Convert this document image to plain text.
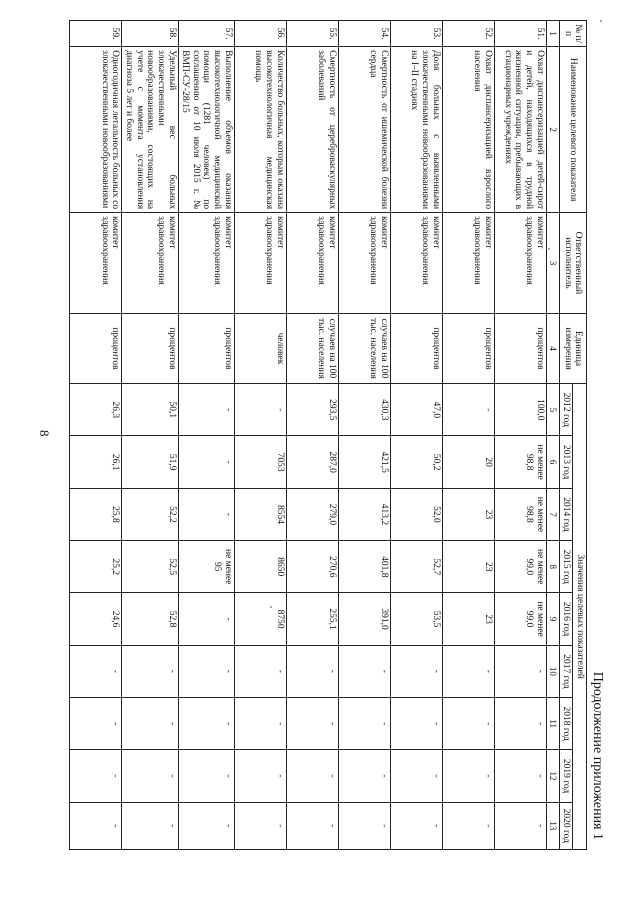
8
Продолжение приложения 1
№ п/п	Наименование целевого показателя	Ответственный исполнитель	Единица измерения	Значения целевых показателей								
				2012 год	2013 год	2014 год	2015 год	2016 год	2017 год	2018 год	2019 год	2020 год
1	2	3	4	5	6	7	8	9	10	11	12	13
51.	Охват диспансеризацией детей-сирот и детей, находящихся в трудной жизненной ситуации, пребывающих в стационарных учреждениях	комитет здравоохранения	процентов	100,0	не менее 98,8	не менее 98,8	не менее 99,0	не менее 99,0	-	-	-	-
52.	Охват диспансеризацией взрослого населения	комитет здравоохранения	процентов	-	20	23	23	23	-	-	-	-
53.	Доля больных с выявленными злокачественными новообразованиями на I–II стадиях	комитет здравоохранения	процентов	47,0	50,2	52,0	52,7	53,5	-	-	-	-
54.	Смертность от ишемической болезни сердца	комитет здравоохранения	случаев на 100 тыс. населения	430,3	421,5	413,2	401,8	391,0	-	-	-	-
55.	Смертность от цереброваскулярных заболеваний	комитет здравоохранения	случаев на 100 тыс. населения	293,5	287,0	279,0	270,6	255,1	-	-	-	-
56.	Количество больных, которым оказана высокотехнологичная медицинская помощь	комитет здравоохранения	человек	-	7053	8554	8650	8750	-	-	-	-
57.	Выполнение объемов оказания высокотехнологичной медицинской помощи (1281 человек) по соглашению от 10 июля 2015 г. № ВМП-СУ-28/15	комитет здравоохранения	процентов	-	-	-	не менее 95	-	-	-	-	-
58.	Удельный вес больных злокачественными новообразованиями, состоящих на учете с момента установления диагноза 5 лет и более	комитет здравоохранения	процентов	50,1	51,9	52,2	52,5	52,8	-	-	-	-
59.	Одногодичная летальность больных со злокачественными новообразованиями	комитет здравоохранения	процентов	26,3	26,1	25,8	25,2	24,6	-	-	-	-
